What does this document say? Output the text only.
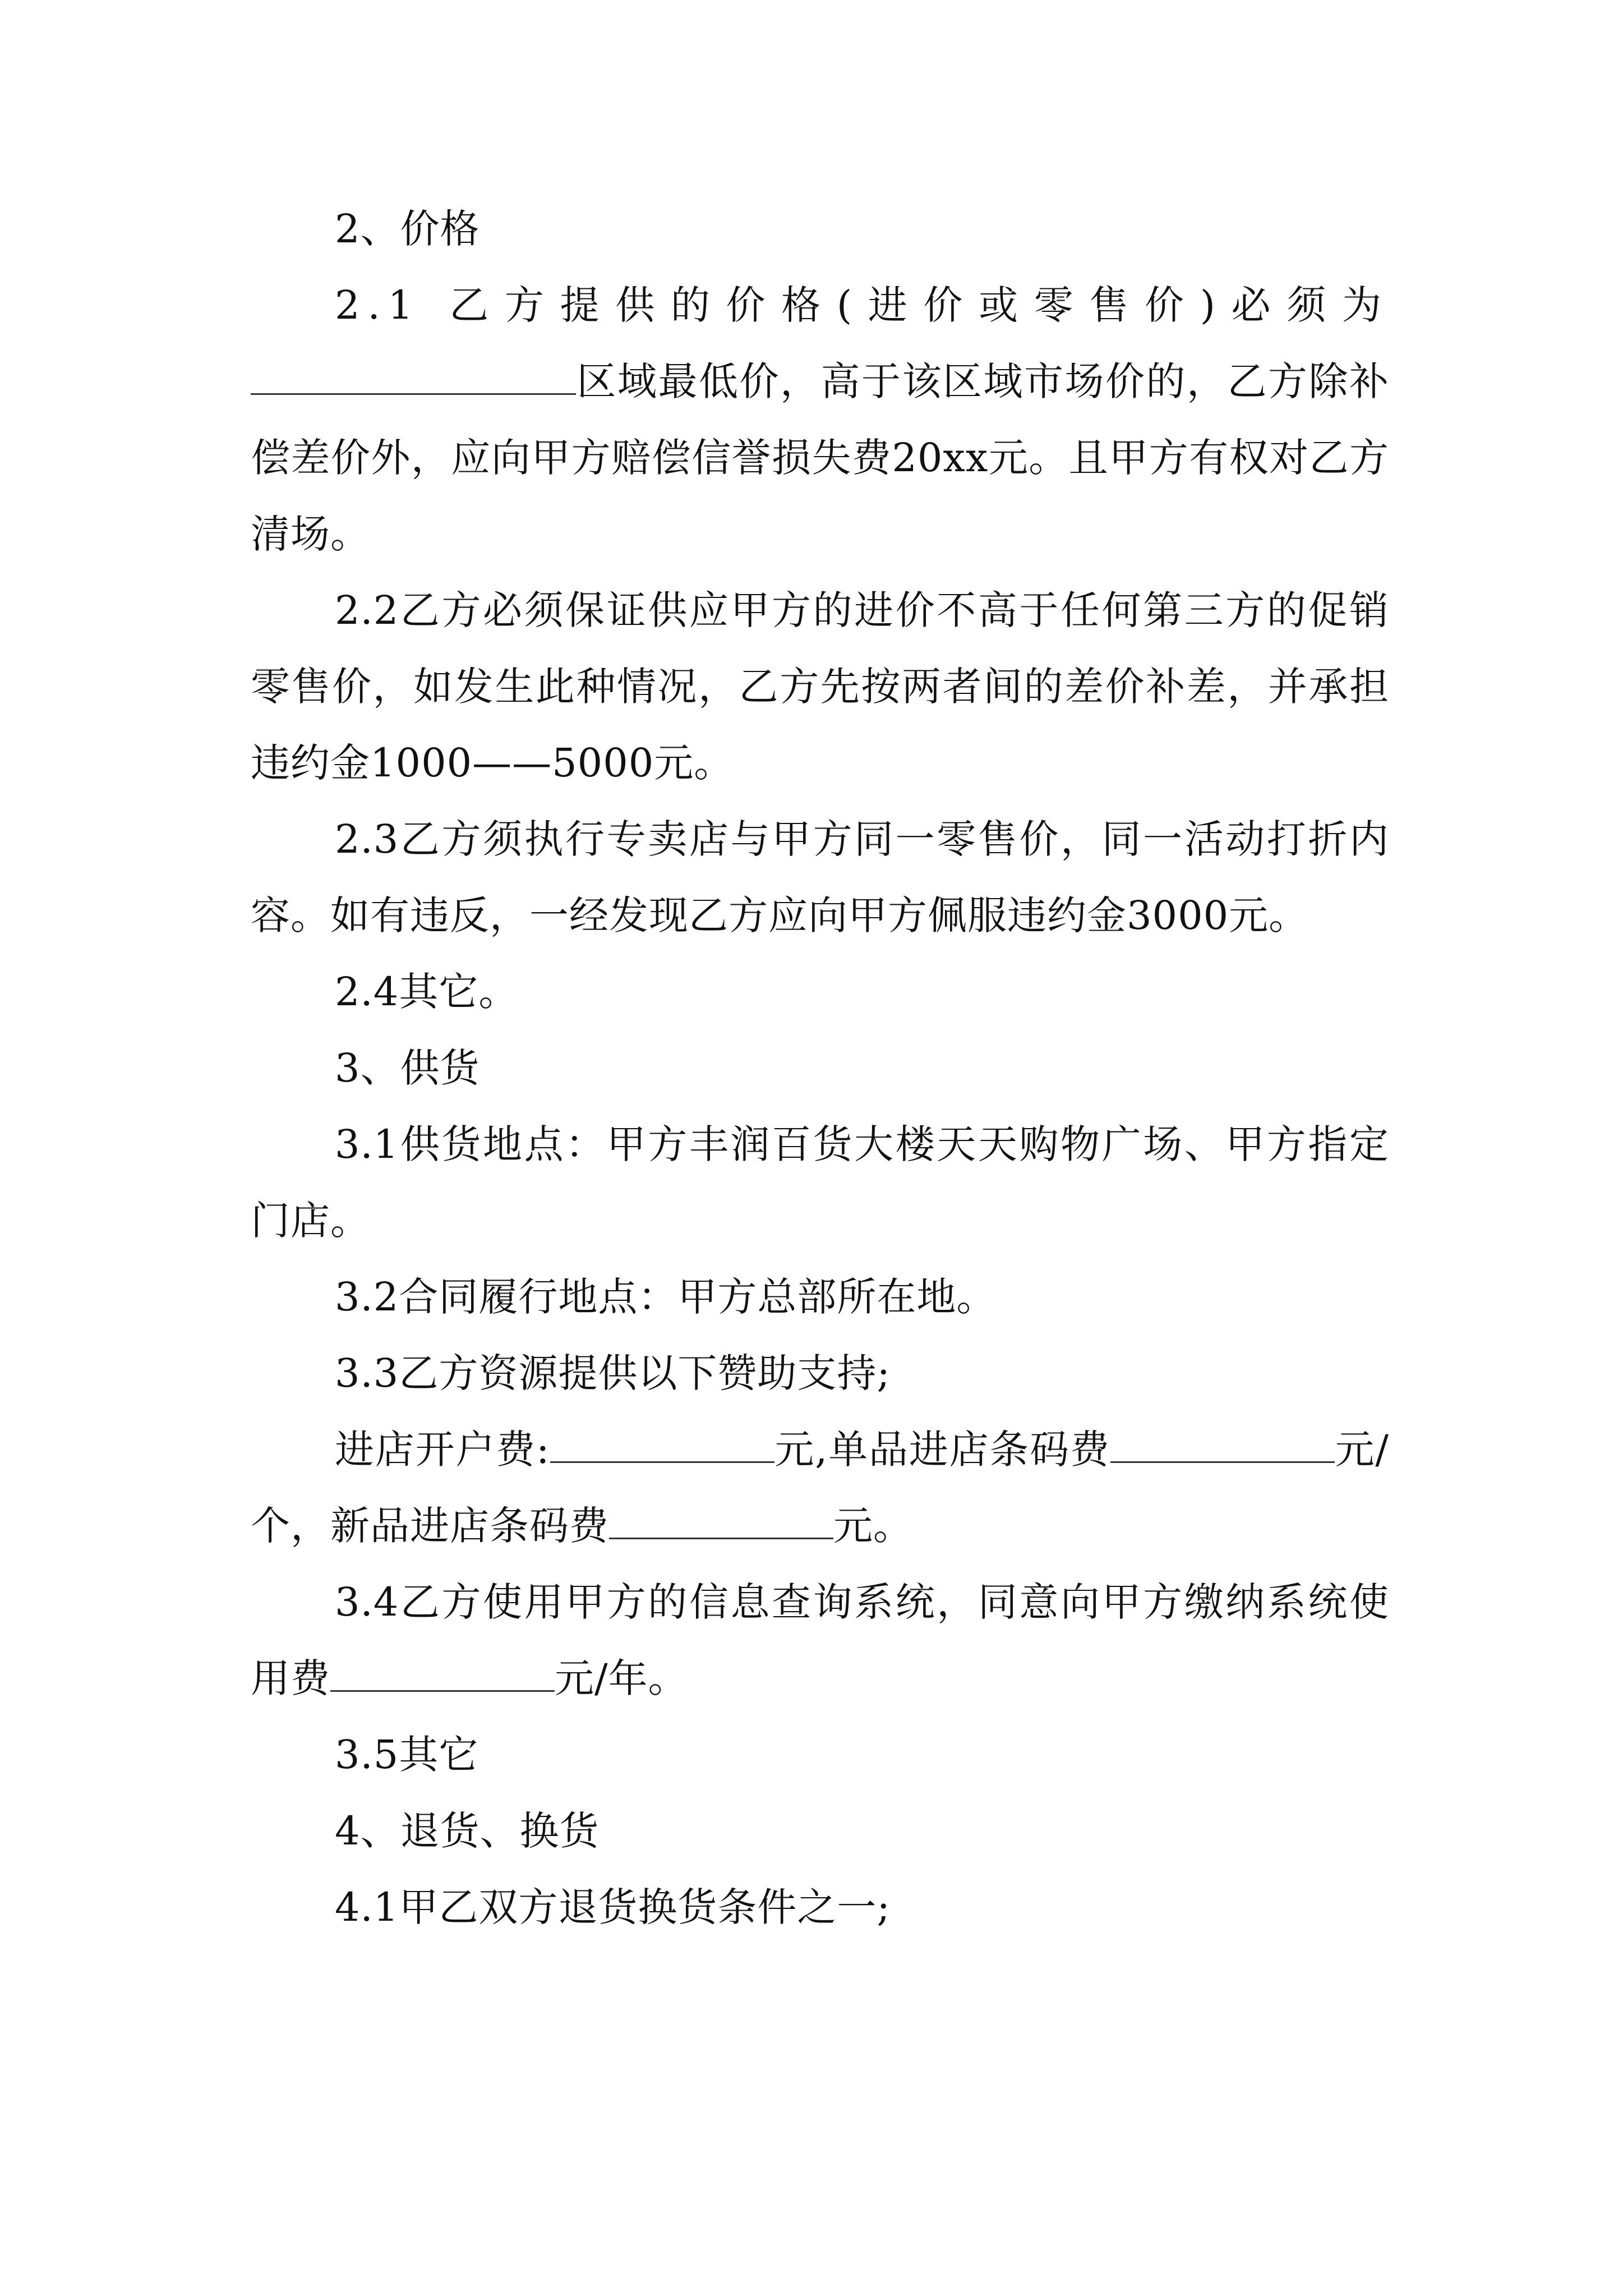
2、价格

2.1 乙方提供的价格(进价或零售价)必须为区域最低价，高于该区域市场价的，乙方除补偿差价外，应向甲方赔偿信誉损失费20xx元。且甲方有权对乙方清场。

2.2乙方必须保证供应甲方的进价不高于任何第三方的促销零售价，如发生此种情况，乙方先按两者间的差价补差，并承担违约金1000——5000元。

2.3乙方须执行专卖店与甲方同一零售价，同一活动打折内容。如有违反，一经发现乙方应向甲方佩服违约金3000元。

2.4其它。

3、供货

3.1供货地点：甲方丰润百货大楼天天购物广场、甲方指定门店。

3.2合同履行地点：甲方总部所在地。

3.3乙方资源提供以下赞助支持;

进店开户费:	元,单品进店条码费	元/个，新品进店条码费	元。

3.4乙方使用甲方的信息查询系统，同意向甲方缴纳系统使用费	元/年。

3.5其它

4、退货、换货

4.1甲乙双方退货换货条件之一;
